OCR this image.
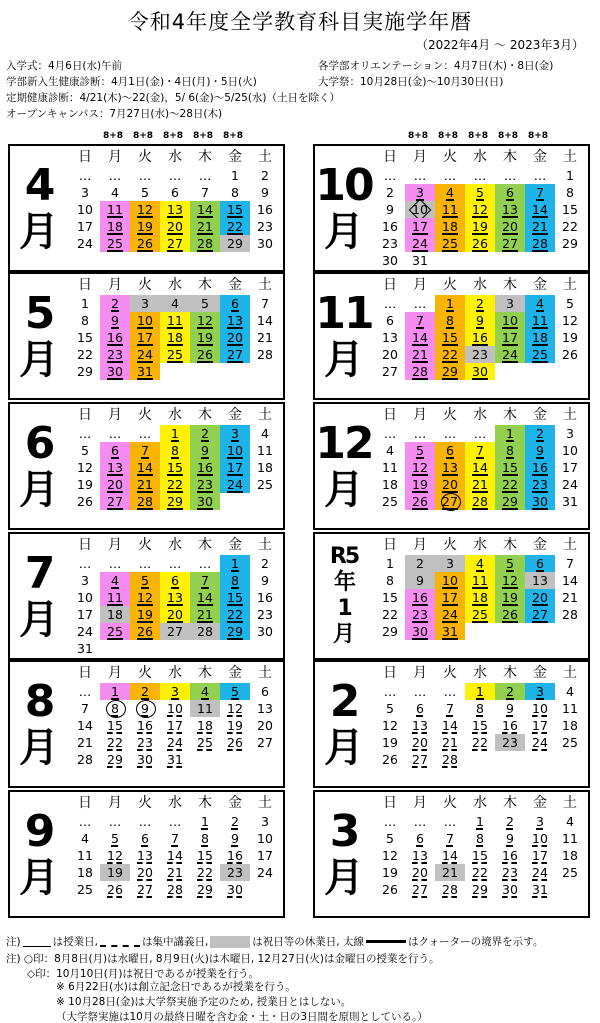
令和4年度全学教育科目実施学年暦
（2022年4月 ～ 2023年3月）
入学式：4月6日(水)午前
学部新入生健康診断：4月1日(金)・4日(月)・5日(火)
定期健康診断：4/21(木)～22(金)，5/ 6(金)～5/25(水)（土日を除く）
オープンキャンパス：7月27日(水)～28日(木)
各学部オリエンテーション：4月7日(木)・8日(金)
大学祭：10月28日(金)～10月30日(日)
8+8 8+8 8+8 8+8 8+8
4
月
日	月	火	水	木	金	土
…	…	…	…	…	1	2
3	4	5	6	7	8	9
10	11	12	13	14	15	16
17	18	19	20	21	22	23
24	25	26	27	28	29	30
8+8 8+8 8+8 8+8 8+8
10
月
日	月	火	水	木	金	土
…	…	…	…	…	…	1
2	3	4	5	6	7	8
9	10	11	12	13	14	15
16	17	18	19	20	21	22
23	24	25	26	27	28	29
30	31
5
月
日	月	火	水	木	金	土
1	2	3	4	5	6	7
8	9	10	11	12	13	14
15	16	17	18	19	20	21
22	23	24	25	26	27	28
29	30	31
11
月
日	月	火	水	木	金	土
…	…	1	2	3	4	5
6	7	8	9	10	11	12
13	14	15	16	17	18	19
20	21	22	23	24	25	26
27	28	29	30
6
月
日	月	火	水	木	金	土
…	…	…	1	2	3	4
5	6	7	8	9	10	11
12	13	14	15	16	17	18
19	20	21	22	23	24	25
26	27	28	29	30
12
月
日	月	火	水	木	金	土
…	…	…	…	1	2	3
4	5	6	7	8	9	10
11	12	13	14	15	16	17
18	19	20	21	22	23	24
25	26	27	28	29	30	31
7
月
日	月	火	水	木	金	土
…	…	…	…	…	1	2
3	4	5	6	7	8	9
10	11	12	13	14	15	16
17	18	19	20	21	22	23
24	25	26	27	28	29	30
31
R5
年
1
月
日	月	火	水	木	金	土
1	2	3	4	5	6	7
8	9	10	11	12	13	14
15	16	17	18	19	20	21
22	23	24	25	26	27	28
29	30	31
8
月
日	月	火	水	木	金	土
…	1	2	3	4	5	6
7	8	9	10	11	12	13
14	15	16	17	18	19	20
21	22	23	24	25	26	27
28	29	30	31
2
月
日	月	火	水	木	金	土
…	…	…	1	2	3	4
5	6	7	8	9	10	11
12	13	14	15	16	17	18
19	20	21	22	23	24	25
26	27	28
9
月
日	月	火	水	木	金	土
…	…	…	…	1	2	3
4	5	6	7	8	9	10
11	12	13	14	15	16	17
18	19	20	21	22	23	24
25	26	27	28	29	30
3
月
日	月	火	水	木	金	土
…	…	…	1	2	3	4
5	6	7	8	9	10	11
12	13	14	15	16	17	18
19	20	21	22	23	24	25
26	27	28	29	30	31
注)	は授業日,	は集中講義日,	は祝日等の休業日, 太線	はクォーターの境界を示す。
注) ○印：8月8日(月)は水曜日, 8月9日(火)は木曜日, 12月27日(火)は金曜日の授業を行う。
　　◇印：10月10日(月)は祝日であるが授業を行う。
※ 6月22日(水)は創立記念日であるが授業を行う。
※ 10月28日(金)は大学祭実施予定のため, 授業日とはしない。
（大学祭実施は10月の最終日曜を含む金・土・日の3日間を原則としている。）
